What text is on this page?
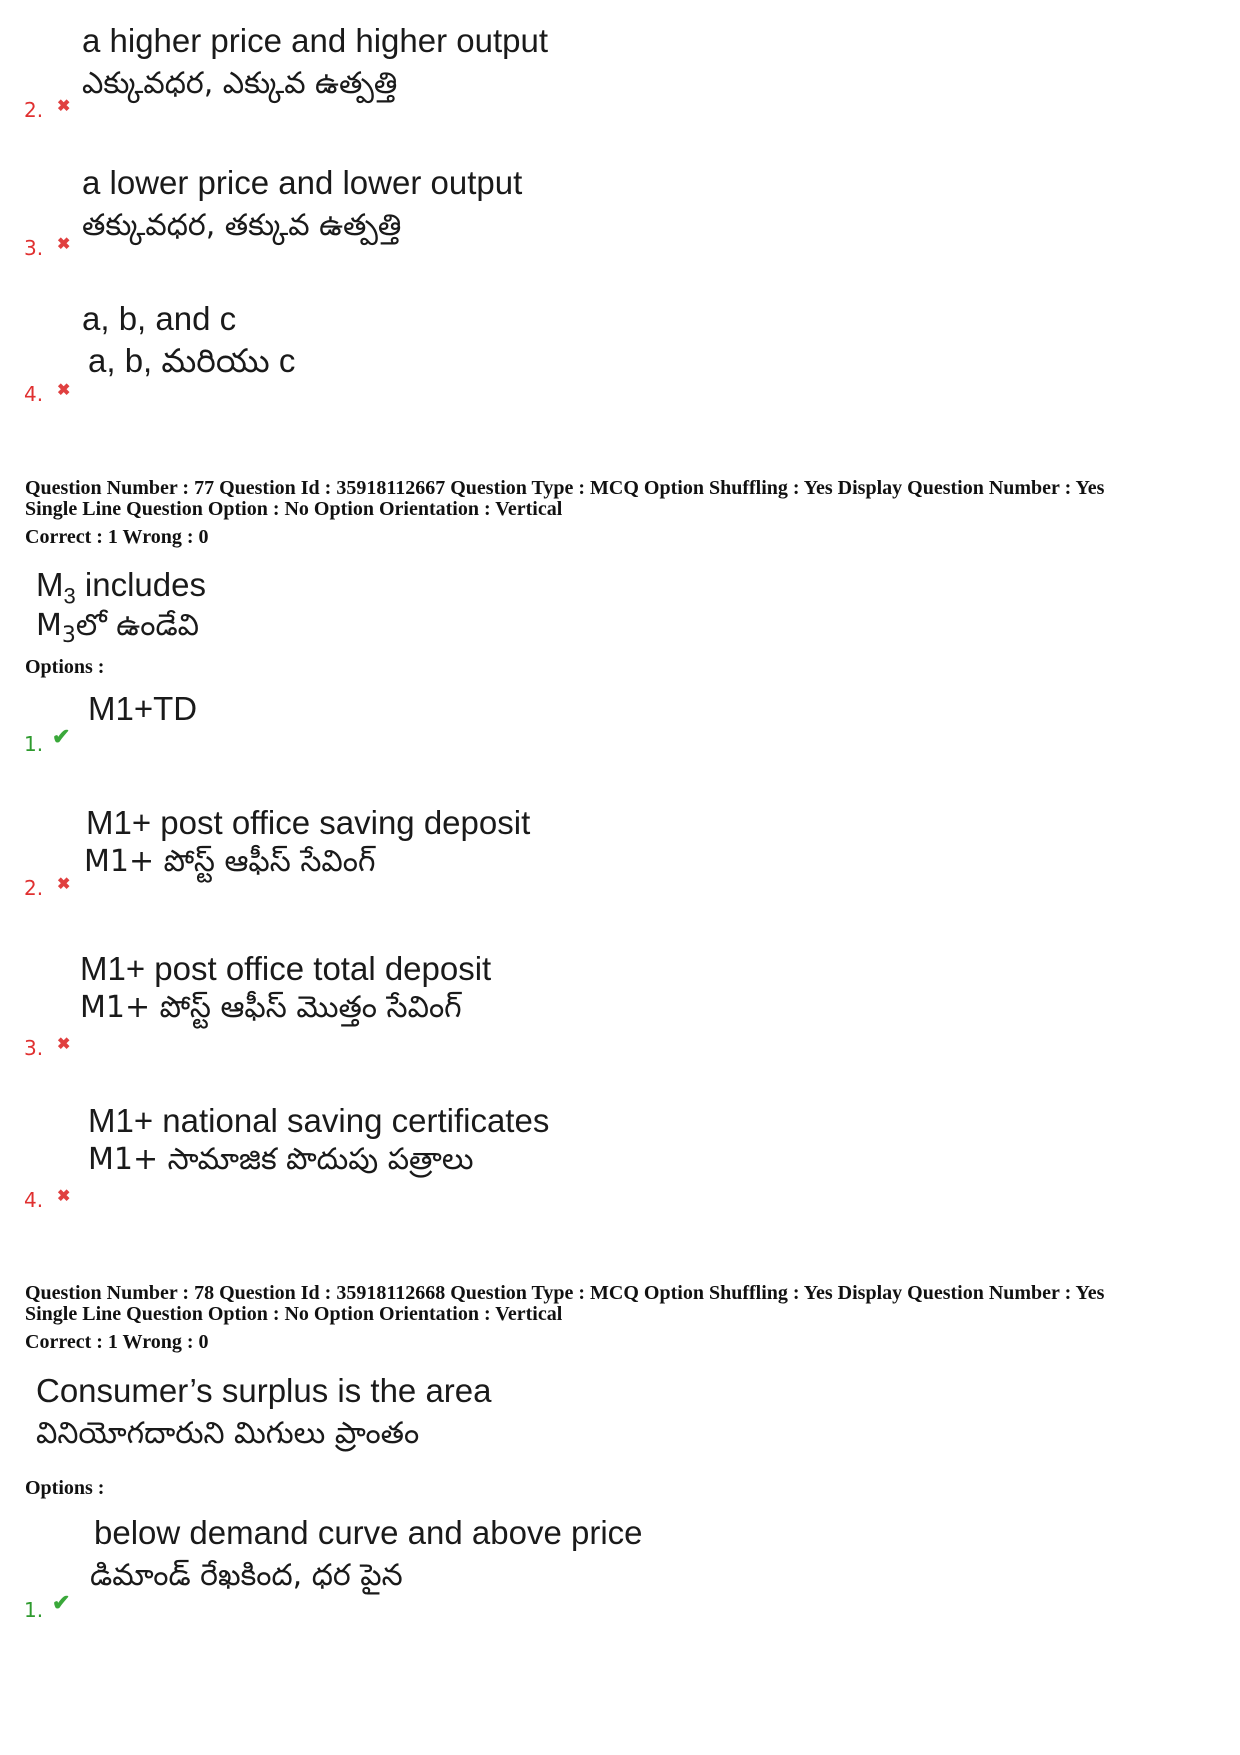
a higher price and higher output
ఎక్కువధర, ఎక్కువ ఉత్పత్తి
2. ✖
a lower price and lower output
తక్కువధర, తక్కువ ఉత్పత్తి
3. ✖
a, b, and c
a, b, మరియు c
4. ✖
Question Number : 77 Question Id : 35918112667 Question Type : MCQ Option Shuffling : Yes Display Question Number : Yes
Single Line Question Option : No Option Orientation : Vertical
Correct : 1 Wrong : 0
$M_3$ includes
$M_3లో$ ఉండేవి
Options :
M1+TD
1. ✔
M1+ post office saving deposit
M1+ పోస్ట్ ఆఫీస్ సేవింగ్
2. ✖
M1+ post office total deposit
M1+ పోస్ట్ ఆఫీస్ మొత్తం సేవింగ్
3. ✖
M1+ national saving certificates
M1+ సామాజిక పొదుపు పత్రాలు
4. ✖
Question Number : 78 Question Id : 35918112668 Question Type : MCQ Option Shuffling : Yes Display Question Number : Yes
Single Line Question Option : No Option Orientation : Vertical
Correct : 1 Wrong : 0
Consumer’s surplus is the area
వినియోగదారుని మిగులు ప్రాంతం
Options :
below demand curve and above price
డిమాండ్ రేఖకింద, ధర పైన
1. ✔
